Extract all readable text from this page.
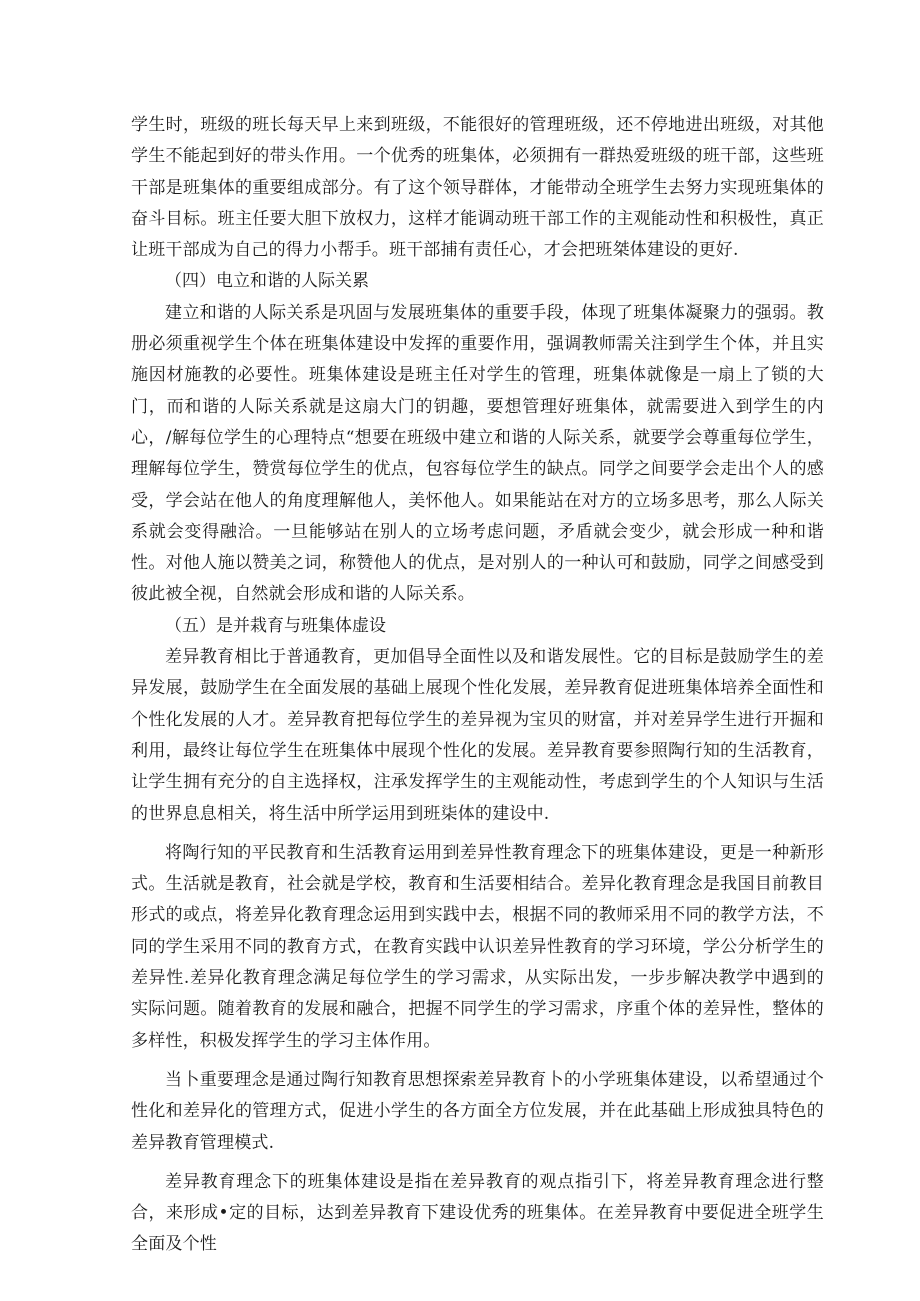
学生时，班级的班长每天早上来到班级，不能很好的管理班级，还不停地进出班级，对其他学生不能起到好的带头作用。一个优秀的班集体，必须拥有一群热爱班级的班干部，这些班干部是班集体的重要组成部分。有了这个领导群体，才能带动全班学生去努力实现班集体的奋斗目标。班主任要大胆下放权力，这样才能调动班干部工作的主观能动性和积极性，真正让班干部成为自己的得力小帮手。班干部捕有责任心，才会把班桀体建设的更好.

（四）电立和谐的人际关累

建立和谐的人际关系是巩固与发展班集体的重要手段，体现了班集体凝聚力的强弱。教册必须重视学生个体在班集体建设中发挥的重要作用，强调教师需关注到学生个体，并且实施因材施教的必要性。班集体建设是班主任对学生的管理，班集体就像是一扇上了锁的大门，而和谐的人际关系就是这扇大门的钥趣，要想管理好班集体，就需要进入到学生的内心，/解每位学生的心理特点“想要在班级中建立和谐的人际关系，就要学会尊重每位学生，理解每位学生，赞赏每位学生的优点，包容每位学生的缺点。同学之间要学会走出个人的感受，学会站在他人的角度理解他人，美怀他人。如果能站在对方的立场多思考，那么人际关系就会变得融洽。一旦能够站在别人的立场考虑问题，矛盾就会变少，就会形成一种和谐性。对他人施以赞美之词，称赞他人的优点，是对别人的一种认可和鼓励，同学之间感受到彼此被全视，自然就会形成和谐的人际关系。

（五）是并栽育与班集体虚设

差异教育相比于普通教育，更加倡导全面性以及和谐发展性。它的目标是鼓励学生的差异发展，鼓励学生在全面发展的基础上展现个性化发展，差异教育促进班集体培养全面性和个性化发展的人才。差异教育把每位学生的差异视为宝贝的财富，并对差异学生进行开掘和利用，最终让每位学生在班集体中展现个性化的发展。差异教育要参照陶行知的生活教育，让学生拥有充分的自主选择权，注承发挥学生的主观能动性，考虑到学生的个人知识与生活的世界息息相关，将生活中所学运用到班柒体的建设中.

将陶行知的平民教育和生活教育运用到差异性教育理念下的班集体建设，更是一种新形式。生活就是教育，社会就是学校，教育和生活要相结合。差异化教育理念是我国目前教目形式的或点，将差异化教育理念运用到实践中去，根据不同的教师采用不同的教学方法，不同的学生采用不同的教育方式，在教育实践中认识差异性教育的学习环境，学公分析学生的差异性.差异化教育理念满足每位学生的学习需求，从实际出发，一步步解决教学中遇到的实际问题。随着教育的发展和融合，把握不同学生的学习需求，序重个体的差异性，整体的多样性，积极发挥学生的学习主体作用。

当卜重要理念是通过陶行知教育思想探索差异教育卜的小学班集体建设，以希望通过个性化和差异化的管理方式，促进小学生的各方面全方位发展，并在此基础上形成独具特色的差异教育管理模式.

差异教育理念下的班集体建设是指在差异教育的观点指引下，将差异教育理念进行整合，来形成•定的目标，达到差异教育下建设优秀的班集体。在差异教育中要促进全班学生全面及个性
